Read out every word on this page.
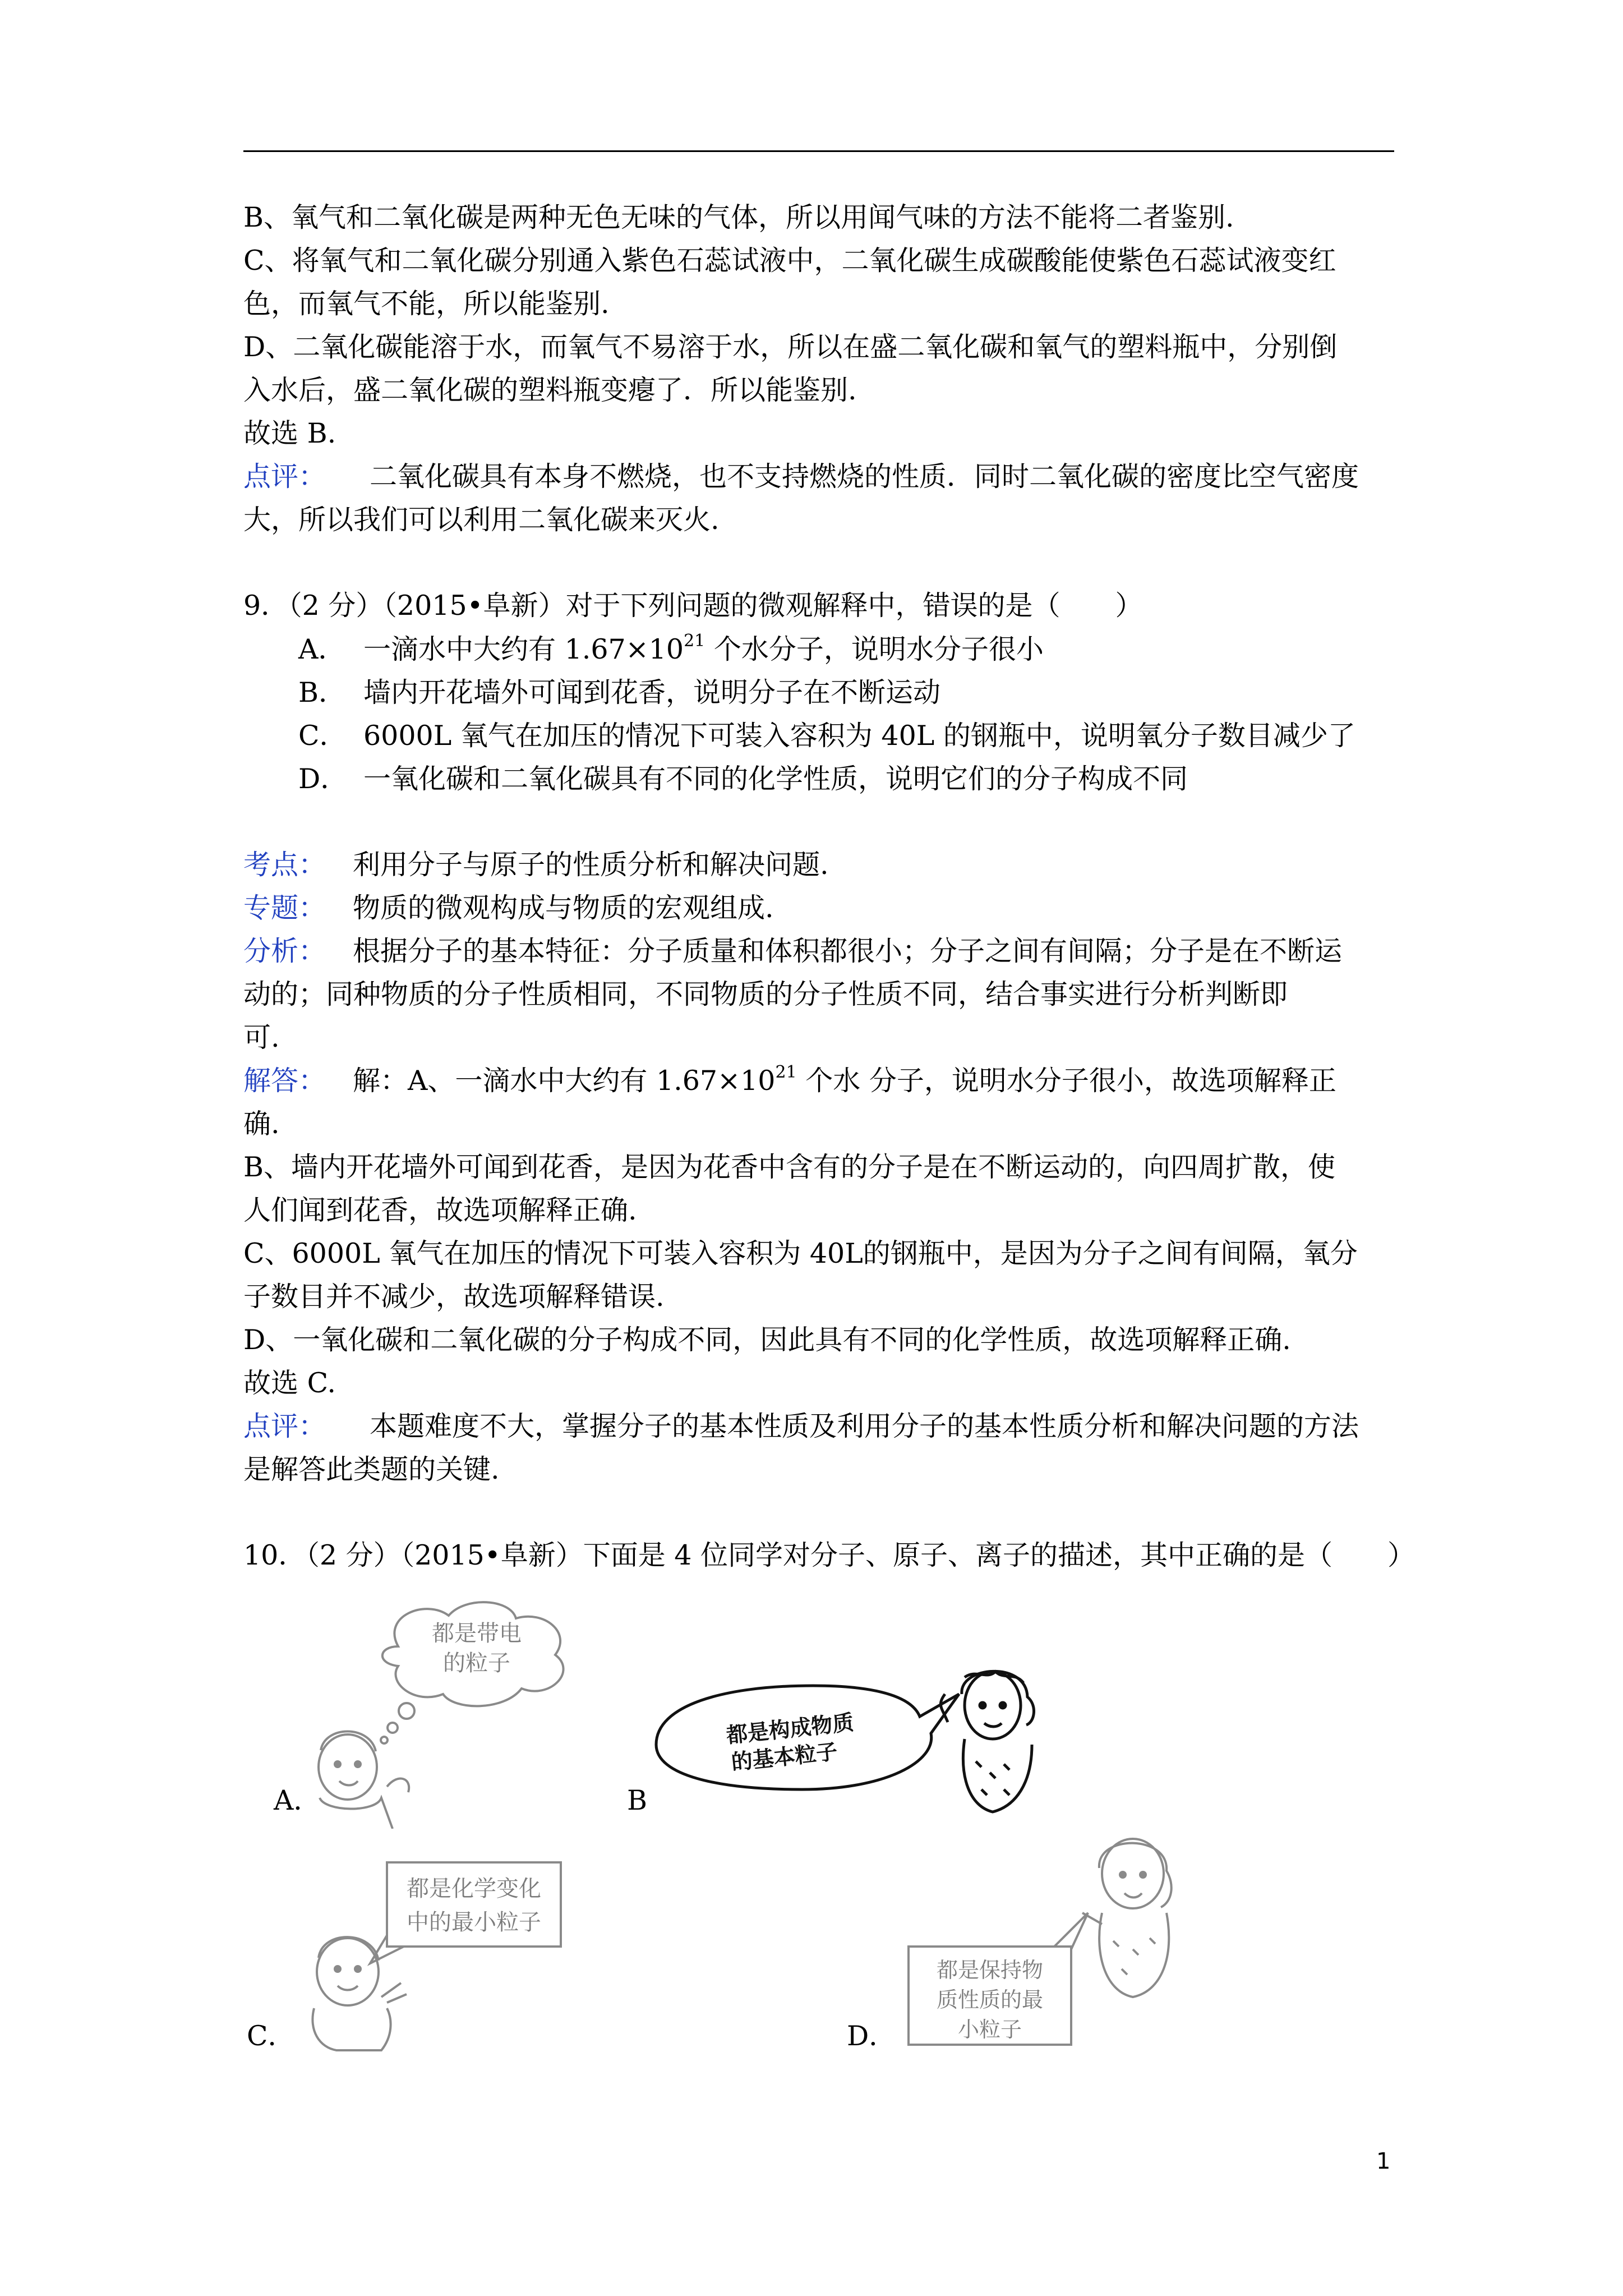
B、氧气和二氧化碳是两种无色无味的气体，所以用闻气味的方法不能将二者鉴别.
C、将氧气和二氧化碳分别通入紫色石蕊试液中，二氧化碳生成碳酸能使紫色石蕊试液变红
色，而氧气不能，所以能鉴别.
D、二氧化碳能溶于水，而氧气不易溶于水，所以在盛二氧化碳和氧气的塑料瓶中，分别倒
入水后，盛二氧化碳的塑料瓶变瘪了．所以能鉴别.
故选 B.
点评： 二氧化碳具有本身不燃烧，也不支持燃烧的性质．同时二氧化碳的密度比空气密度
大，所以我们可以利用二氧化碳来灭火.
9．（2 分）（2015•阜新）对于下列问题的微观解释中，错误的是（　　）
A． 一滴水中大约有 $1.67\times 10^{21}$ 个水分子，说明水分子很小
B． 墙内开花墙外可闻到花香，说明分子在不断运动
C． 6000L 氧气在加压的情况下可装入容积为 40L 的钢瓶中，说明氧分子数目减少了
D． 一氧化碳和二氧化碳具有不同的化学性质，说明它们的分子构成不同
考点： 利用分子与原子的性质分析和解决问题.
专题： 物质的微观构成与物质的宏观组成.
分析： 根据分子的基本特征：分子质量和体积都很小；分子之间有间隔；分子是在不断运
动的；同种物质的分子性质相同，不同物质的分子性质不同，结合事实进行分析判断即
可.
解答： 解：A、一滴水中大约有 $1.67\times 10^{21}$ 个水 分子，说明水分子很小，故选项解释正
确.
B、墙内开花墙外可闻到花香，是因为花香中含有的分子是在不断运动的，向四周扩散，使
人们闻到花香，故选项解释正确.
C、6000L 氧气在加压的情况下可装入容积为 40L的钢瓶中，是因为分子之间有间隔，氧分
子数目并不减少，故选项解释错误.
D、一氧化碳和二氧化碳的分子构成不同，因此具有不同的化学性质，故选项解释正确.
故选 C.
点评： 本题难度不大，掌握分子的基本性质及利用分子的基本性质分析和解决问题的方法
是解答此类题的关键.
10．（2 分）（2015•阜新）下面是 4 位同学对分子、原子、离子的描述，其中正确的是（　　）
都是带电
的粒子
A．
都是构成物质
的基本粒子
B
都是化学变化
中的最小粒子
C．
都是保持物
质性质的最
小粒子
D．
1
